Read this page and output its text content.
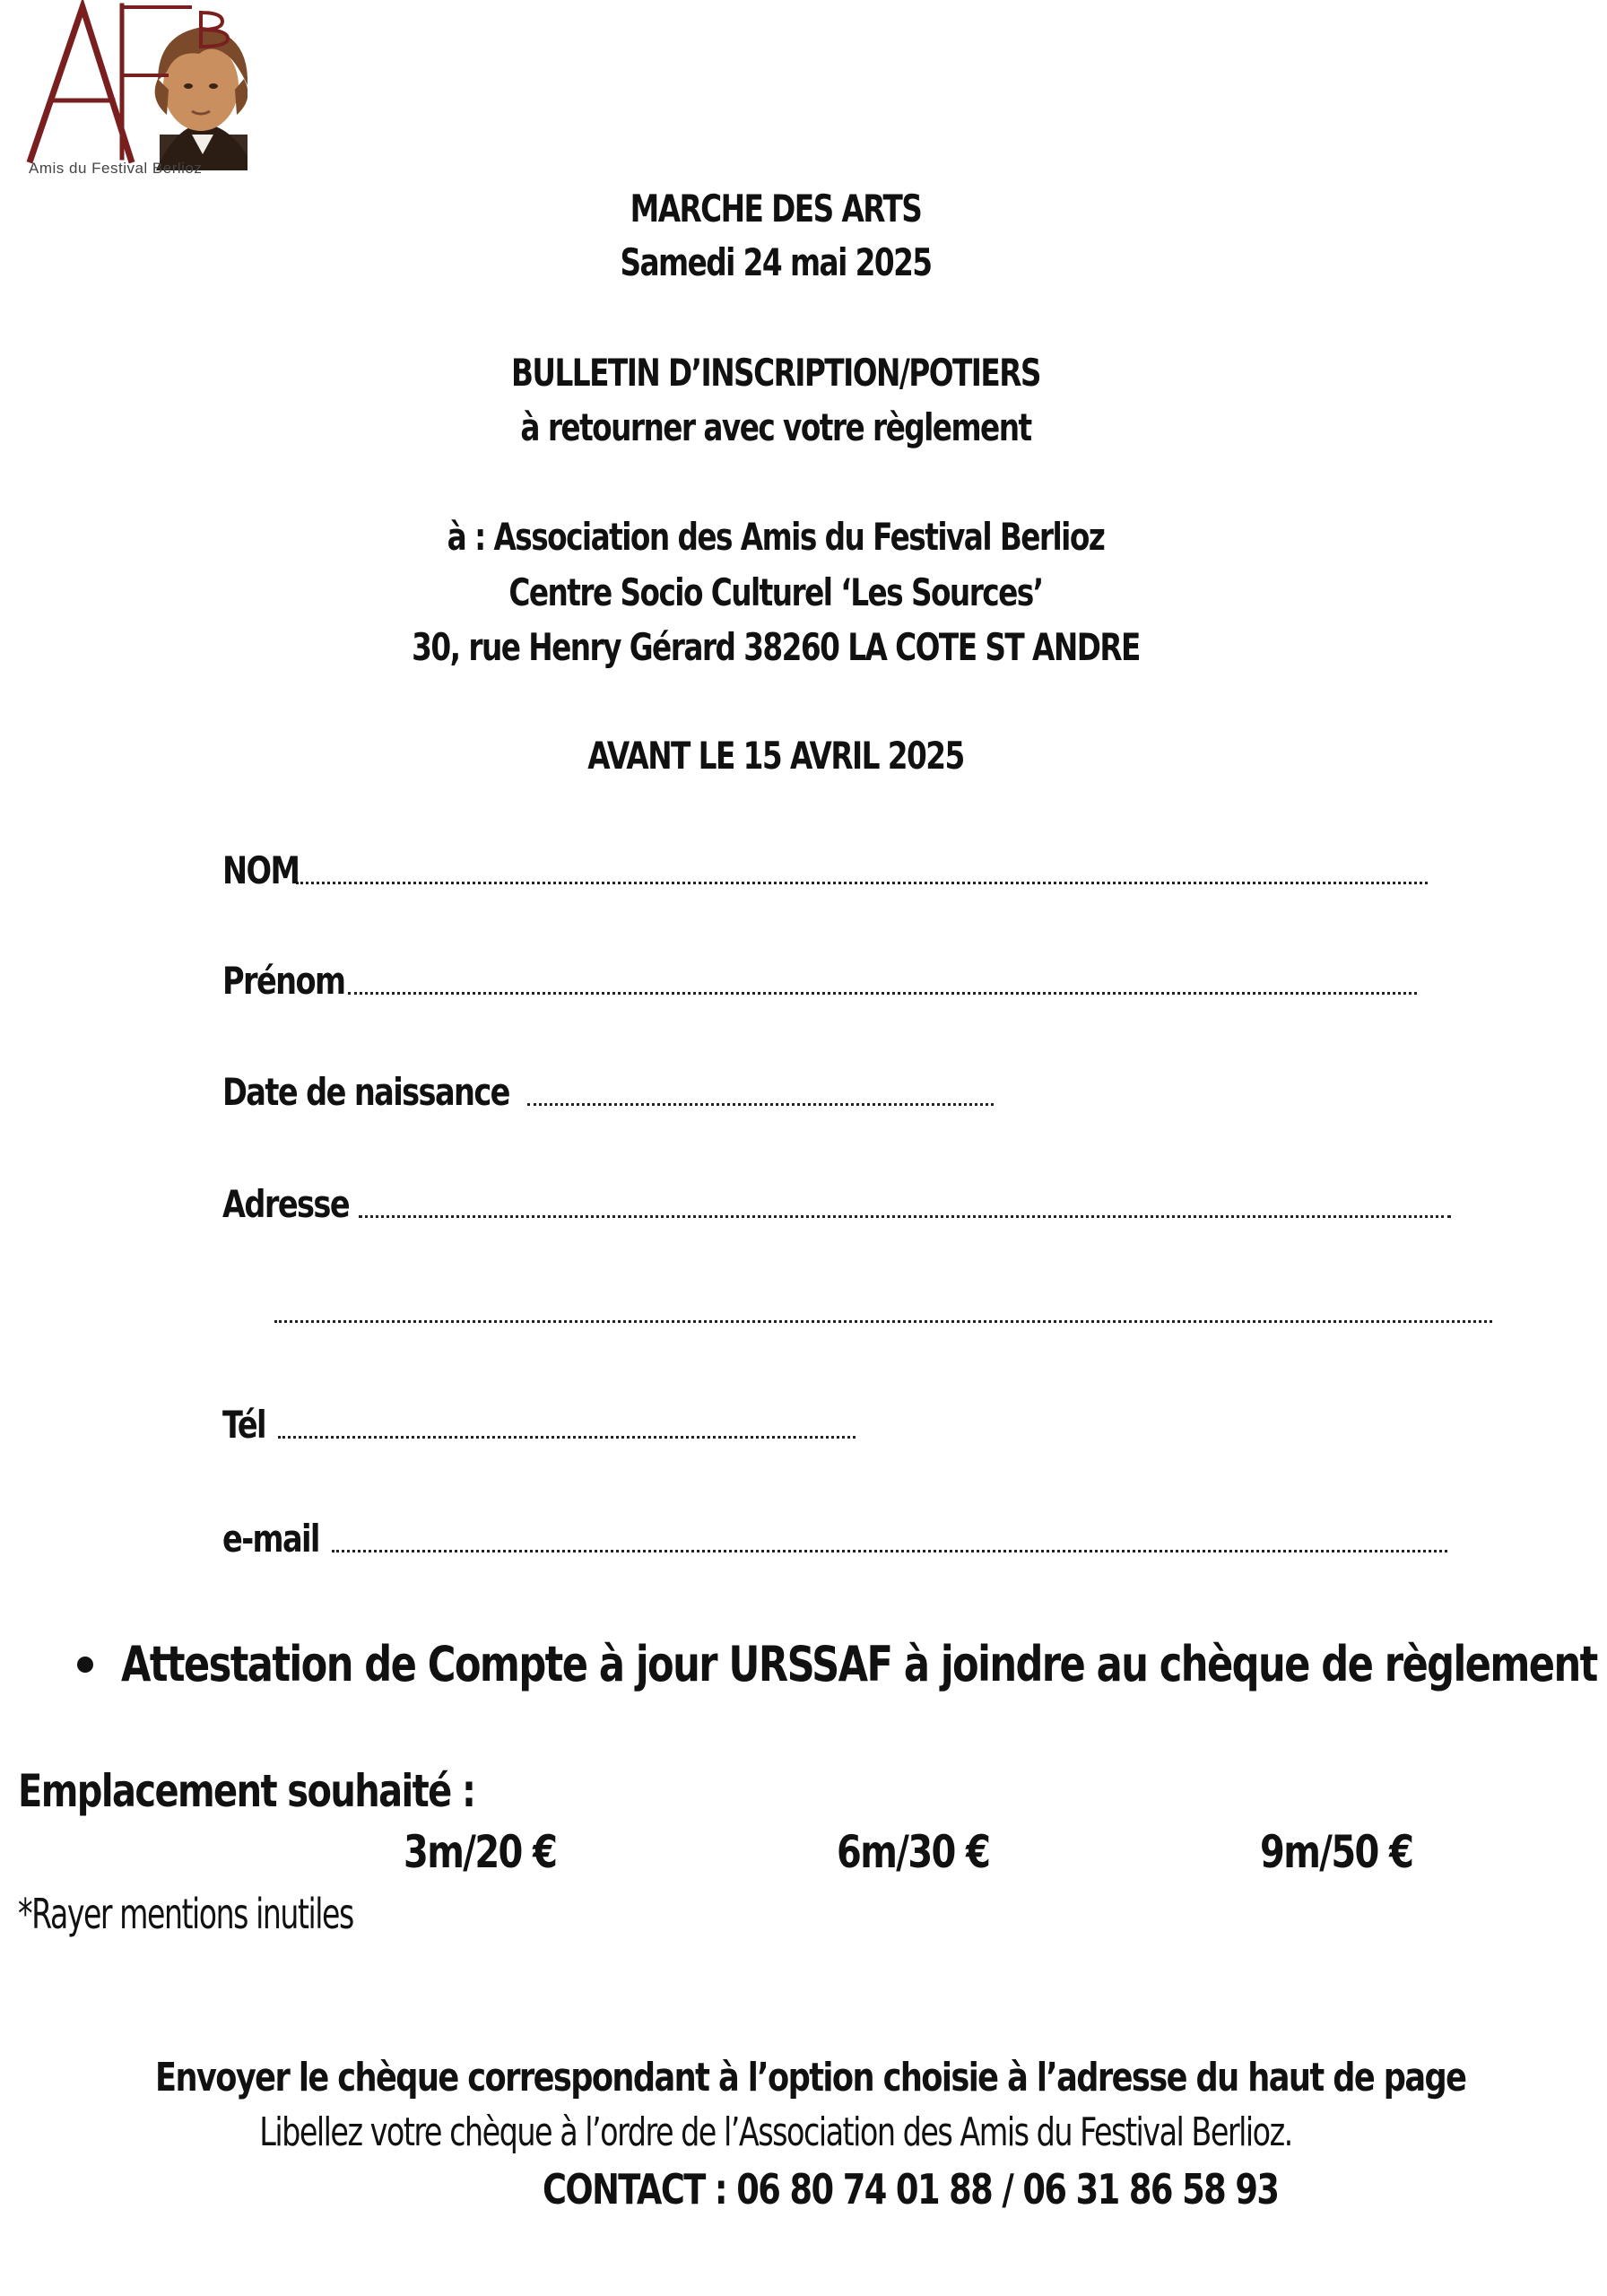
Amis du Festival Berlioz
MARCHE DES ARTS
Samedi 24 mai 2025
BULLETIN D’INSCRIPTION/POTIERS
à retourner avec votre règlement
à : Association des Amis du Festival Berlioz
Centre Socio Culturel ‘Les Sources’
30, rue Henry Gérard 38260 LA COTE ST ANDRE
AVANT LE 15 AVRIL 2025
NOM
Prénom
Date de naissance
Adresse
Tél
e-mail
Attestation de Compte à jour URSSAF à joindre au chèque de règlement
Emplacement souhaité :
3m/20 €	6m/30 €	9m/50 €
*Rayer mentions inutiles
Envoyer le chèque correspondant à l’option choisie à l’adresse du haut de page
Libellez votre chèque à l’ordre de l’Association des Amis du Festival Berlioz.
CONTACT : 06 80 74 01 88 / 06 31 86 58 93
